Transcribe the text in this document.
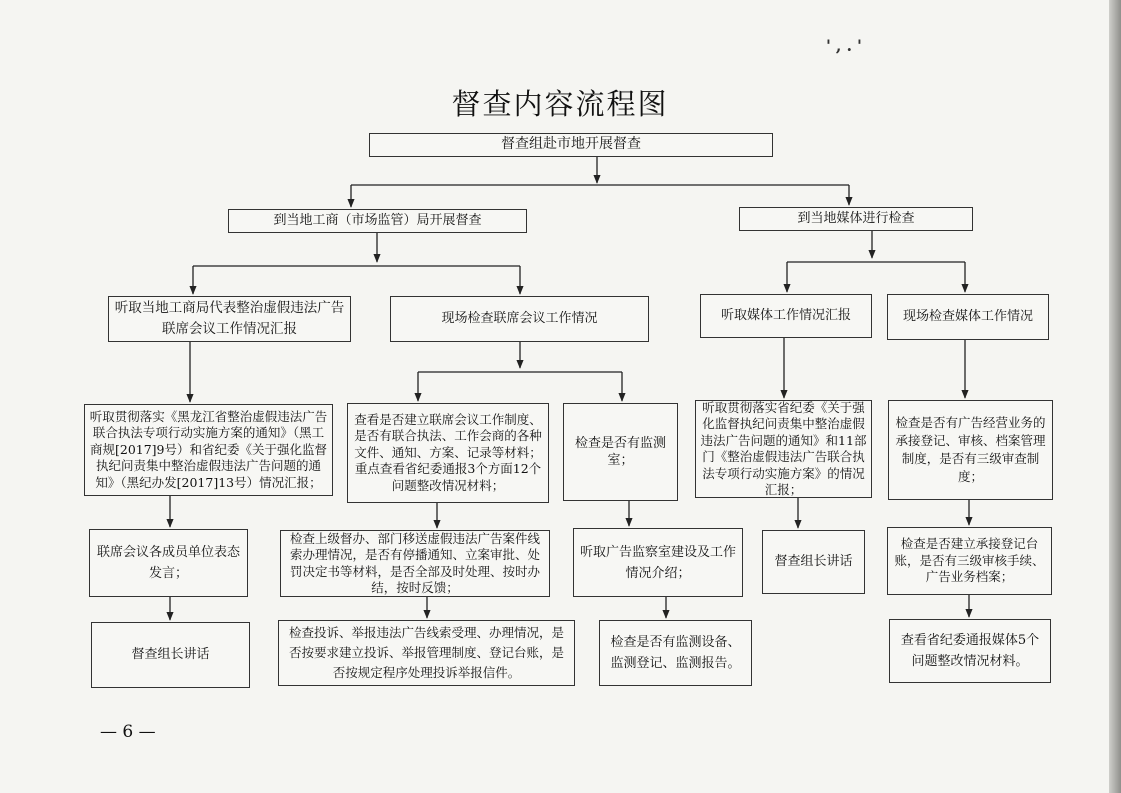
',.'
督查内容流程图
督查组赴市地开展督查
到当地工商（市场监管）局开展督查	到当地媒体进行检查
听取当地工商局代表整治虚假违法广告联席会议工作情况汇报
现场检查联席会议工作情况	听取媒体工作情况汇报	现场检查媒体工作情况
听取贯彻落实《黑龙江省整治虚假违法广告联合执法专项行动实施方案的通知》（黑工商规[2017]9号）和省纪委《关于强化监督执纪问责集中整治虚假违法广告问题的通知》（黑纪办发[2017]13号）情况汇报；
查看是否建立联席会议工作制度、是否有联合执法、工作会商的各种文件、通知、方案、记录等材料；重点查看省纪委通报3个方面12个问题整改情况材料；
检查是否有监测室；
听取贯彻落实省纪委《关于强化监督执纪问责集中整治虚假违法广告问题的通知》和11部门《整治虚假违法广告联合执法专项行动实施方案》的情况汇报；
检查是否有广告经营业务的承接登记、审核、档案管理制度，是否有三级审查制度；
联席会议各成员单位表态发言；
检查上级督办、部门移送虚假违法广告案件线索办理情况，是否有停播通知、立案审批、处罚决定书等材料，是否全部及时处理、按时办结，按时反馈；
听取广告监察室建设及工作情况介绍；
督查组长讲话
检查是否建立承接登记台账，是否有三级审核手续、广告业务档案；
督查组长讲话
检查投诉、举报违法广告线索受理、办理情况，是否按要求建立投诉、举报管理制度、登记台账，是否按规定程序处理投诉举报信件。
检查是否有监测设备、监测登记、监测报告。
查看省纪委通报媒体5个问题整改情况材料。
— 6 —
